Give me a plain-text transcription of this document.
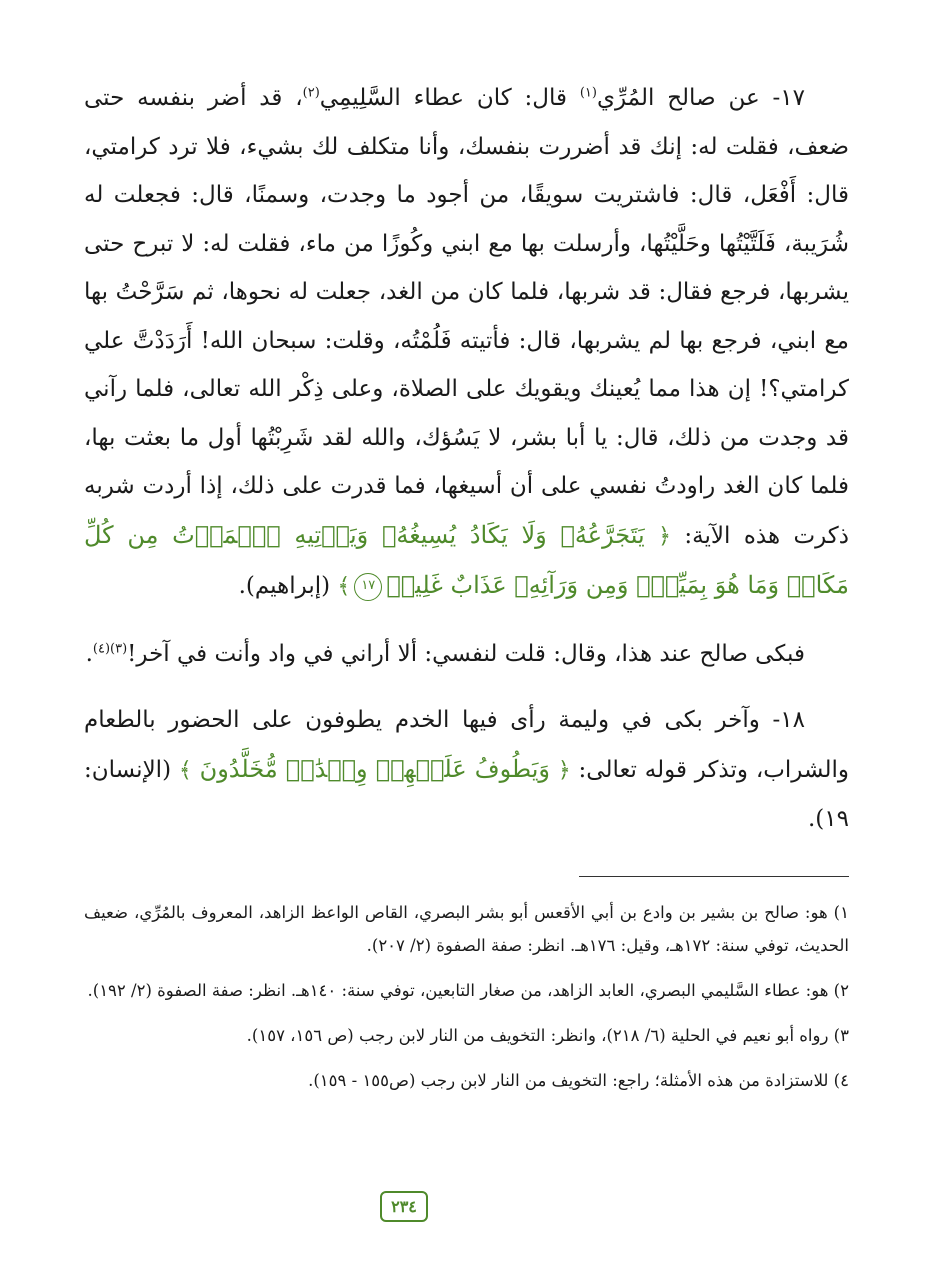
١٧- عن صالح المُرِّي$^{(١)}$ قال: كان عطاء السَّلِيمِي$^{(٢)}$، قد أضر بنفسه حتى ضعف، فقلت له: إنك قد أضررت بنفسك، وأنا متكلف لك بشيء، فلا ترد كرامتي، قال: أَفْعَل، قال: فاشتريت سويقًا، من أجود ما وجدت، وسمنًا، قال: فجعلت له شُرَيبة، فَلَتَّيْتُها وحَلَّيْتُها، وأرسلت بها مع ابني وكُوزًا من ماء، فقلت له: لا تبرح حتى يشربها، فرجع فقال: قد شربها، فلما كان من الغد، جعلت له نحوها، ثم سَرَّحْتُ بها مع ابني، فرجع بها لم يشربها، قال: فأتيته فَلُمْتُه، وقلت: سبحان الله! أَرَدَدْتَّ علي كرامتي؟! إن هذا مما يُعينك ويقويك على الصلاة، وعلى ذِكْر الله تعالى، فلما رآني قد وجدت من ذلك، قال: يا أبا بشر، لا يَسُؤك، والله لقد شَرِبْتُها أول ما بعثت بها، فلما كان الغد راودتُ نفسي على أن أسيغها، فما قدرت على ذلك، إذا أردت شربه ذكرت هذه الآية: ﴿ يَتَجَرَّعُهُۥ وَلَا يَكَادُ يُسِيغُهُۥ وَيَأۡتِيهِ ٱلۡمَوۡتُ مِن كُلِّ مَكَانٖ وَمَا هُوَ بِمَيِّتٖۖ وَمِن وَرَآئِهِۦ عَذَابٌ غَلِيظٞ١٧﴾ (إبراهيم).

فبكى صالح عند هذا، وقال: قلت لنفسي: ألا أراني في واد وأنت في آخر!$^{(٣)(٤)}$.

١٨- وآخر بكى في وليمة رأى فيها الخدم يطوفون على الحضور بالطعام والشراب، وتذكر قوله تعالى: ﴿ وَيَطُوفُ عَلَيۡهِمۡ وِلۡدَٰنٞ مُّخَلَّدُونَ ﴾ (الإنسان: ١٩).

١) هو: صالح بن بشير بن وادع بن أبي الأقعس أبو بشر البصري، القاص الواعظ الزاهد، المعروف بالمُرِّي، ضعيف الحديث، توفي سنة: ١٧٢هـ، وقيل: ١٧٦هـ. انظر: صفة الصفوة (٢/ ٢٠٧).

٢) هو: عطاء السَّليمي البصري، العابد الزاهد، من صغار التابعين، توفي سنة: ١٤٠هـ. انظر: صفة الصفوة (٢/ ١٩٢).

٣) رواه أبو نعيم في الحلية (٦/ ٢١٨)، وانظر: التخويف من النار لابن رجب (ص ١٥٦، ١٥٧).

٤) للاستزادة من هذه الأمثلة؛ راجع: التخويف من النار لابن رجب (ص١٥٥ - ١٥٩).

٢٣٤
